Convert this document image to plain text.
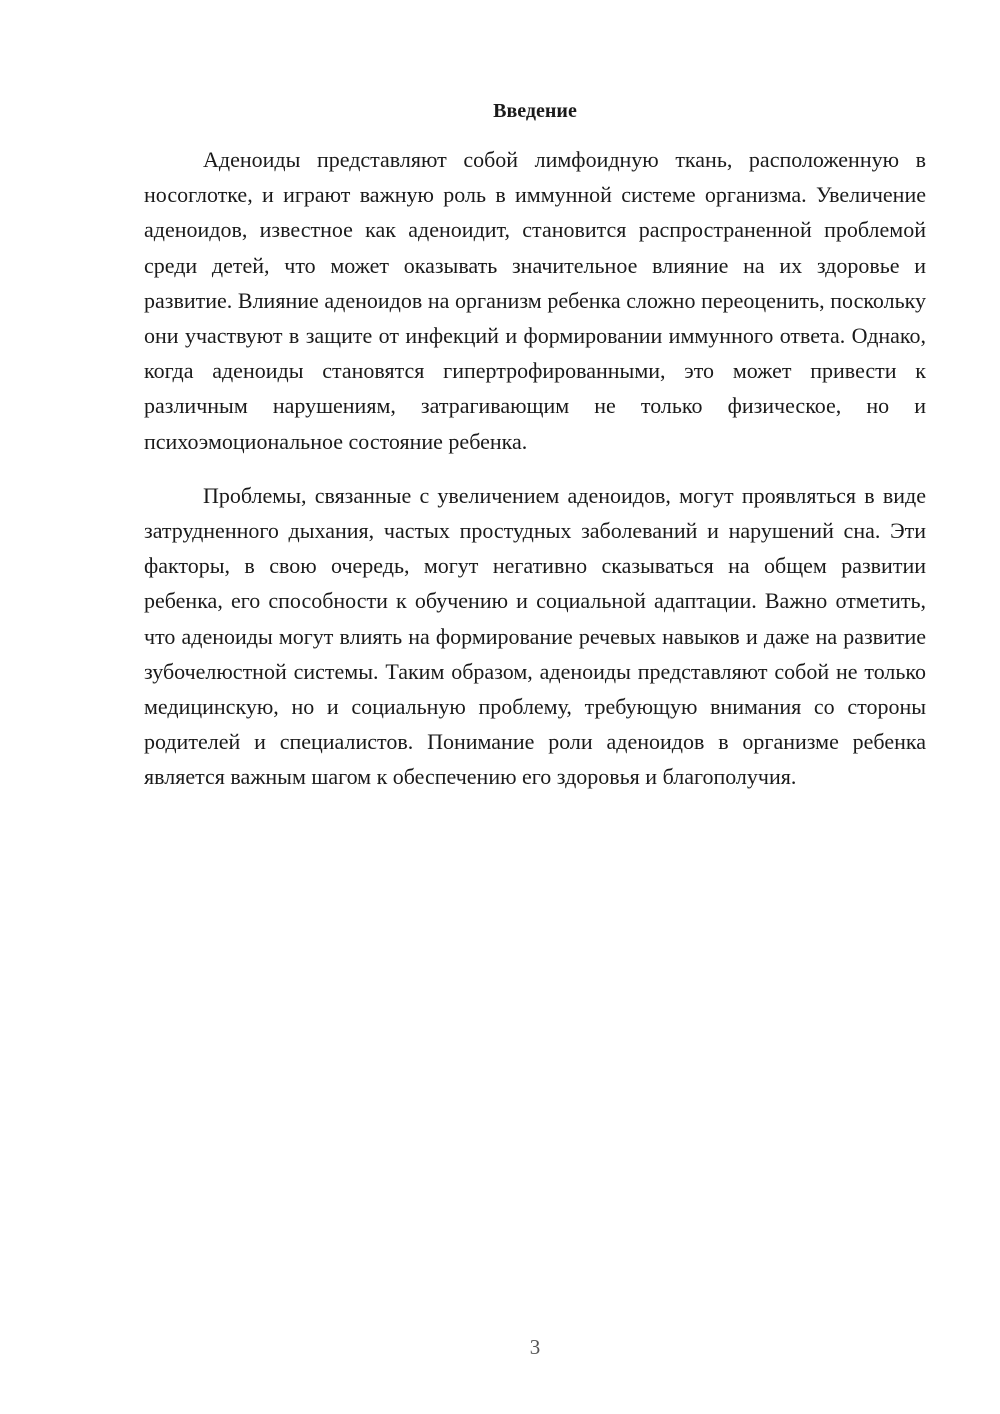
Введение

Аденоиды представляют собой лимфоидную ткань, расположенную в носоглотке, и играют важную роль в иммунной системе организма. Увеличение аденоидов, известное как аденоидит, становится распространенной проблемой среди детей, что может оказывать значительное влияние на их здоровье и развитие. Влияние аденоидов на организм ребенка сложно переоценить, поскольку они участвуют в защите от инфекций и формировании иммунного ответа. Однако, когда аденоиды становятся гипертрофированными, это может привести к различным нарушениям, затрагивающим не только физическое, но и психоэмоциональное состояние ребенка.

Проблемы, связанные с увеличением аденоидов, могут проявляться в виде затрудненного дыхания, частых простудных заболеваний и нарушений сна. Эти факторы, в свою очередь, могут негативно сказываться на общем развитии ребенка, его способности к обучению и социальной адаптации. Важно отметить, что аденоиды могут влиять на формирование речевых навыков и даже на развитие зубочелюстной системы. Таким образом, аденоиды представляют собой не только медицинскую, но и социальную проблему, требующую внимания со стороны родителей и специалистов. Понимание роли аденоидов в организме ребенка является важным шагом к обеспечению его здоровья и благополучия.

3
